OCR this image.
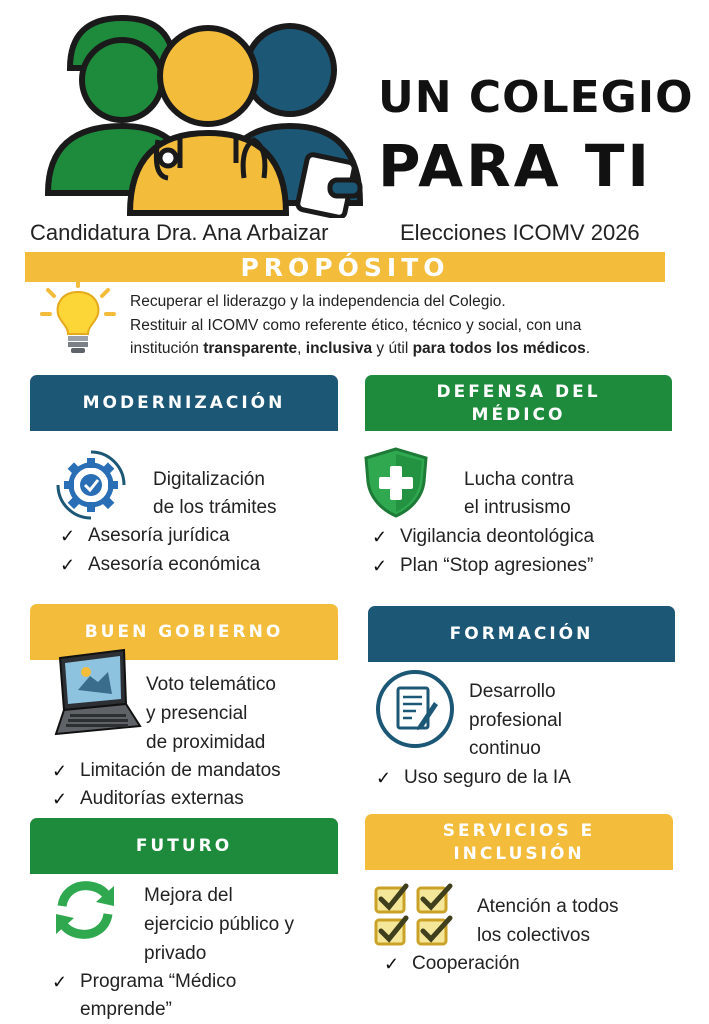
UN COLEGIO
PARA TI
Candidatura Dra. Ana Arbaizar	Elecciones ICOMV 2026
PROPÓSITO
Recuperar el liderazgo y la independencia del Colegio.
Restituir al ICOMV como referente ético, técnico y social, con una
institución transparente, inclusiva y útil para todos los médicos.
MODERNIZACIÓN
Digitalización
de los trámites
✓ Asesoría jurídica
✓ Asesoría económica
DEFENSA DEL
MÉDICO
Lucha contra
el intrusismo
✓ Vigilancia deontológica
✓ Plan “Stop agresiones”
BUEN GOBIERNO
Voto telemático
y presencial
de proximidad
✓ Limitación de mandatos
✓ Auditorías externas
FORMACIÓN
Desarrollo
profesional
continuo
✓ Uso seguro de la IA
FUTURO
Mejora del
ejercicio público y
privado
✓ Programa “Médico
emprende”
SERVICIOS E
INCLUSIÓN
Atención a todos
los colectivos
✓ Cooperación
